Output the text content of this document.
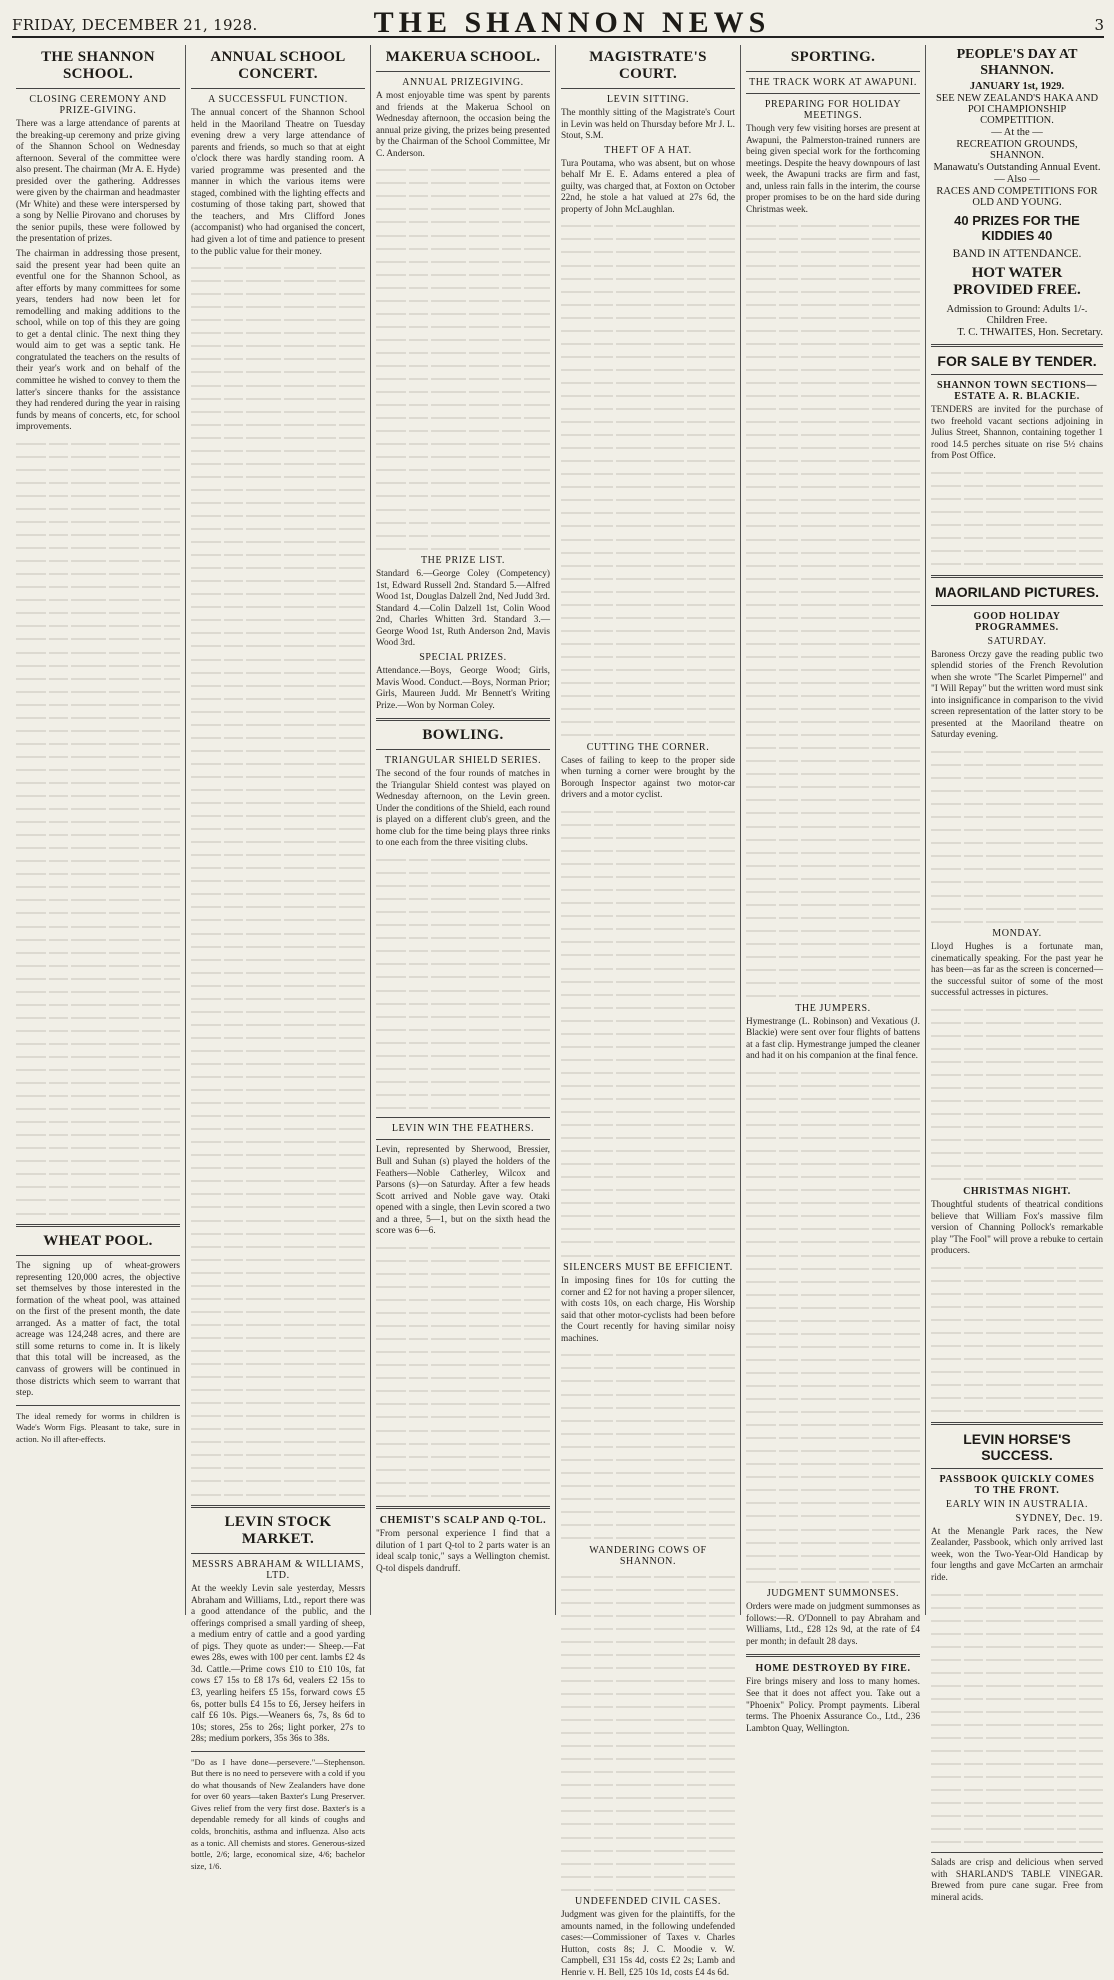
FRIDAY, DECEMBER 21, 1928.	THE SHANNON NEWS	3
THE SHANNON SCHOOL.
CLOSING CEREMONY AND PRIZE-GIVING.
There was a large attendance of parents at the breaking-up ceremony and prize giving of the Shannon School on Wednesday afternoon. Several of the committee were also present. The chairman (Mr A. E. Hyde) presided over the gathering. Addresses were given by the chairman and headmaster (Mr White) and these were interspersed by a song by Nellie Pirovano and choruses by the senior pupils, these were followed by the presentation of prizes.
The chairman in addressing those present, said the present year had been quite an eventful one for the Shannon School, as after efforts by many committees for some years, tenders had now been let for remodelling and making additions to the school, while on top of this they are going to get a dental clinic. The next thing they would aim to get was a septic tank. He congratulated the teachers on the results of their year's work and on behalf of the committee he wished to convey to them the latter's sincere thanks for the assistance they had rendered during the year in raising funds by means of concerts, etc, for school improvements.
WHEAT POOL.
The signing up of wheat-growers representing 120,000 acres, the objective set themselves by those interested in the formation of the wheat pool, was attained on the first of the present month, the date arranged. As a matter of fact, the total acreage was 124,248 acres, and there are still some returns to come in. It is likely that this total will be increased, as the canvass of growers will be continued in those districts which seem to warrant that step.
The ideal remedy for worms in children is Wade's Worm Figs. Pleasant to take, sure in action. No ill after-effects.
ANNUAL SCHOOL CONCERT.
A SUCCESSFUL FUNCTION.
The annual concert of the Shannon School held in the Maoriland Theatre on Tuesday evening drew a very large attendance of parents and friends, so much so that at eight o'clock there was hardly standing room. A varied programme was presented and the manner in which the various items were staged, combined with the lighting effects and costuming of those taking part, showed that the teachers, and Mrs Clifford Jones (accompanist) who had organised the concert, had given a lot of time and patience to present to the public value for their money.
LEVIN STOCK MARKET.
MESSRS ABRAHAM & WILLIAMS, LTD.
At the weekly Levin sale yesterday, Messrs Abraham and Williams, Ltd., report there was a good attendance of the public, and the offerings comprised a small yarding of sheep, a medium entry of cattle and a good yarding of pigs. They quote as under:— Sheep.—Fat ewes 28s, ewes with 100 per cent. lambs £2 4s 3d. Cattle.—Prime cows £10 to £10 10s, fat cows £7 15s to £8 17s 6d, vealers £2 15s to £3, yearling heifers £5 15s, forward cows £5 6s, potter bulls £4 15s to £6, Jersey heifers in calf £6 10s. Pigs.—Weaners 6s, 7s, 8s 6d to 10s; stores, 25s to 26s; light porker, 27s to 28s; medium porkers, 35s 36s to 38s.
"Do as I have done—persevere."—Stephenson. But there is no need to persevere with a cold if you do what thousands of New Zealanders have done for over 60 years—taken Baxter's Lung Preserver. Gives relief from the very first dose. Baxter's is a dependable remedy for all kinds of coughs and colds, bronchitis, asthma and influenza. Also acts as a tonic. All chemists and stores. Generous-sized bottle, 2/6; large, economical size, 4/6; bachelor size, 1/6.
MAKERUA SCHOOL.
ANNUAL PRIZEGIVING.
A most enjoyable time was spent by parents and friends at the Makerua School on Wednesday afternoon, the occasion being the annual prize giving, the prizes being presented by the Chairman of the School Committee, Mr C. Anderson.
THE PRIZE LIST.
Standard 6.—George Coley (Competency) 1st, Edward Russell 2nd. Standard 5.—Alfred Wood 1st, Douglas Dalzell 2nd, Ned Judd 3rd. Standard 4.—Colin Dalzell 1st, Colin Wood 2nd, Charles Whitten 3rd. Standard 3.—George Wood 1st, Ruth Anderson 2nd, Mavis Wood 3rd.
SPECIAL PRIZES.
Attendance.—Boys, George Wood; Girls, Mavis Wood. Conduct.—Boys, Norman Prior; Girls, Maureen Judd. Mr Bennett's Writing Prize.—Won by Norman Coley.
BOWLING.
TRIANGULAR SHIELD SERIES.
The second of the four rounds of matches in the Triangular Shield contest was played on Wednesday afternoon, on the Levin green. Under the conditions of the Shield, each round is played on a different club's green, and the home club for the time being plays three rinks to one each from the three visiting clubs.
LEVIN WIN THE FEATHERS.
Levin, represented by Sherwood, Bressier, Bull and Suhan (s) played the holders of the Feathers—Noble Catherley, Wilcox and Parsons (s)—on Saturday. After a few heads Scott arrived and Noble gave way. Otaki opened with a single, then Levin scored a two and a three, 5—1, but on the sixth head the score was 6—6.
CHEMIST'S SCALP AND Q-TOL.
"From personal experience I find that a dilution of 1 part Q-tol to 2 parts water is an ideal scalp tonic," says a Wellington chemist. Q-tol dispels dandruff.
MAGISTRATE'S COURT.
LEVIN SITTING.
The monthly sitting of the Magistrate's Court in Levin was held on Thursday before Mr J. L. Stout, S.M.
THEFT OF A HAT.
Tura Poutama, who was absent, but on whose behalf Mr E. E. Adams entered a plea of guilty, was charged that, at Foxton on October 22nd, he stole a hat valued at 27s 6d, the property of John McLaughlan.
CUTTING THE CORNER.
Cases of failing to keep to the proper side when turning a corner were brought by the Borough Inspector against two motor-car drivers and a motor cyclist.
SILENCERS MUST BE EFFICIENT.
In imposing fines for 10s for cutting the corner and £2 for not having a proper silencer, with costs 10s, on each charge, His Worship said that other motor-cyclists had been before the Court recently for having similar noisy machines.
WANDERING COWS OF SHANNON.
UNDEFENDED CIVIL CASES.
Judgment was given for the plaintiffs, for the amounts named, in the following undefended cases:—Commissioner of Taxes v. Charles Hutton, costs 8s; J. C. Moodie v. W. Campbell, £31 15s 4d, costs £2 2s; Lamb and Henrie v. H. Bell, £25 10s 1d, costs £4 4s 6d.
SPORTING.
THE TRACK WORK AT AWAPUNI.
PREPARING FOR HOLIDAY MEETINGS.
Though very few visiting horses are present at Awapuni, the Palmerston-trained runners are being given special work for the forthcoming meetings. Despite the heavy downpours of last week, the Awapuni tracks are firm and fast, and, unless rain falls in the interim, the course proper promises to be on the hard side during Christmas week.
THE JUMPERS.
Hymestrange (L. Robinson) and Vexatious (J. Blackie) were sent over four flights of battens at a fast clip. Hymestrange jumped the cleaner and had it on his companion at the final fence.
JUDGMENT SUMMONSES.
Orders were made on judgment summonses as follows:—R. O'Donnell to pay Abraham and Williams, Ltd., £28 12s 9d, at the rate of £4 per month; in default 28 days.
HOME DESTROYED BY FIRE.
Fire brings misery and loss to many homes. See that it does not affect you. Take out a "Phoenix" Policy. Prompt payments. Liberal terms. The Phoenix Assurance Co., Ltd., 236 Lambton Quay, Wellington.
PEOPLE'S DAY AT SHANNON.
JANUARY 1st, 1929.
SEE NEW ZEALAND'S HAKA AND POI CHAMPIONSHIP COMPETITION.
— At the —
RECREATION GROUNDS, SHANNON.
Manawatu's Outstanding Annual Event.
— Also —
RACES AND COMPETITIONS FOR OLD AND YOUNG.
40 PRIZES FOR THE KIDDIES 40
BAND IN ATTENDANCE.
HOT WATER PROVIDED FREE.
Admission to Ground: Adults 1/-. Children Free.
T. C. THWAITES, Hon. Secretary.
FOR SALE BY TENDER.
SHANNON TOWN SECTIONS—ESTATE A. R. BLACKIE.
TENDERS are invited for the purchase of two freehold vacant sections adjoining in Julius Street, Shannon, containing together 1 rood 14.5 perches situate on rise 5½ chains from Post Office.
MAORILAND PICTURES.
GOOD HOLIDAY PROGRAMMES.
SATURDAY.
Baroness Orczy gave the reading public two splendid stories of the French Revolution when she wrote "The Scarlet Pimpernel" and "I Will Repay" but the written word must sink into insignificance in comparison to the vivid screen representation of the latter story to be presented at the Maoriland theatre on Saturday evening.
MONDAY.
Lloyd Hughes is a fortunate man, cinematically speaking. For the past year he has been—as far as the screen is concerned—the successful suitor of some of the most successful actresses in pictures.
CHRISTMAS NIGHT.
Thoughtful students of theatrical conditions believe that William Fox's massive film version of Channing Pollock's remarkable play "The Fool" will prove a rebuke to certain producers.
LEVIN HORSE'S SUCCESS.
PASSBOOK QUICKLY COMES TO THE FRONT.
EARLY WIN IN AUSTRALIA.
SYDNEY, Dec. 19.
At the Menangle Park races, the New Zealander, Passbook, which only arrived last week, won the Two-Year-Old Handicap by four lengths and gave McCarten an armchair ride.
Salads are crisp and delicious when served with SHARLAND'S TABLE VINEGAR. Brewed from pure cane sugar. Free from mineral acids.
